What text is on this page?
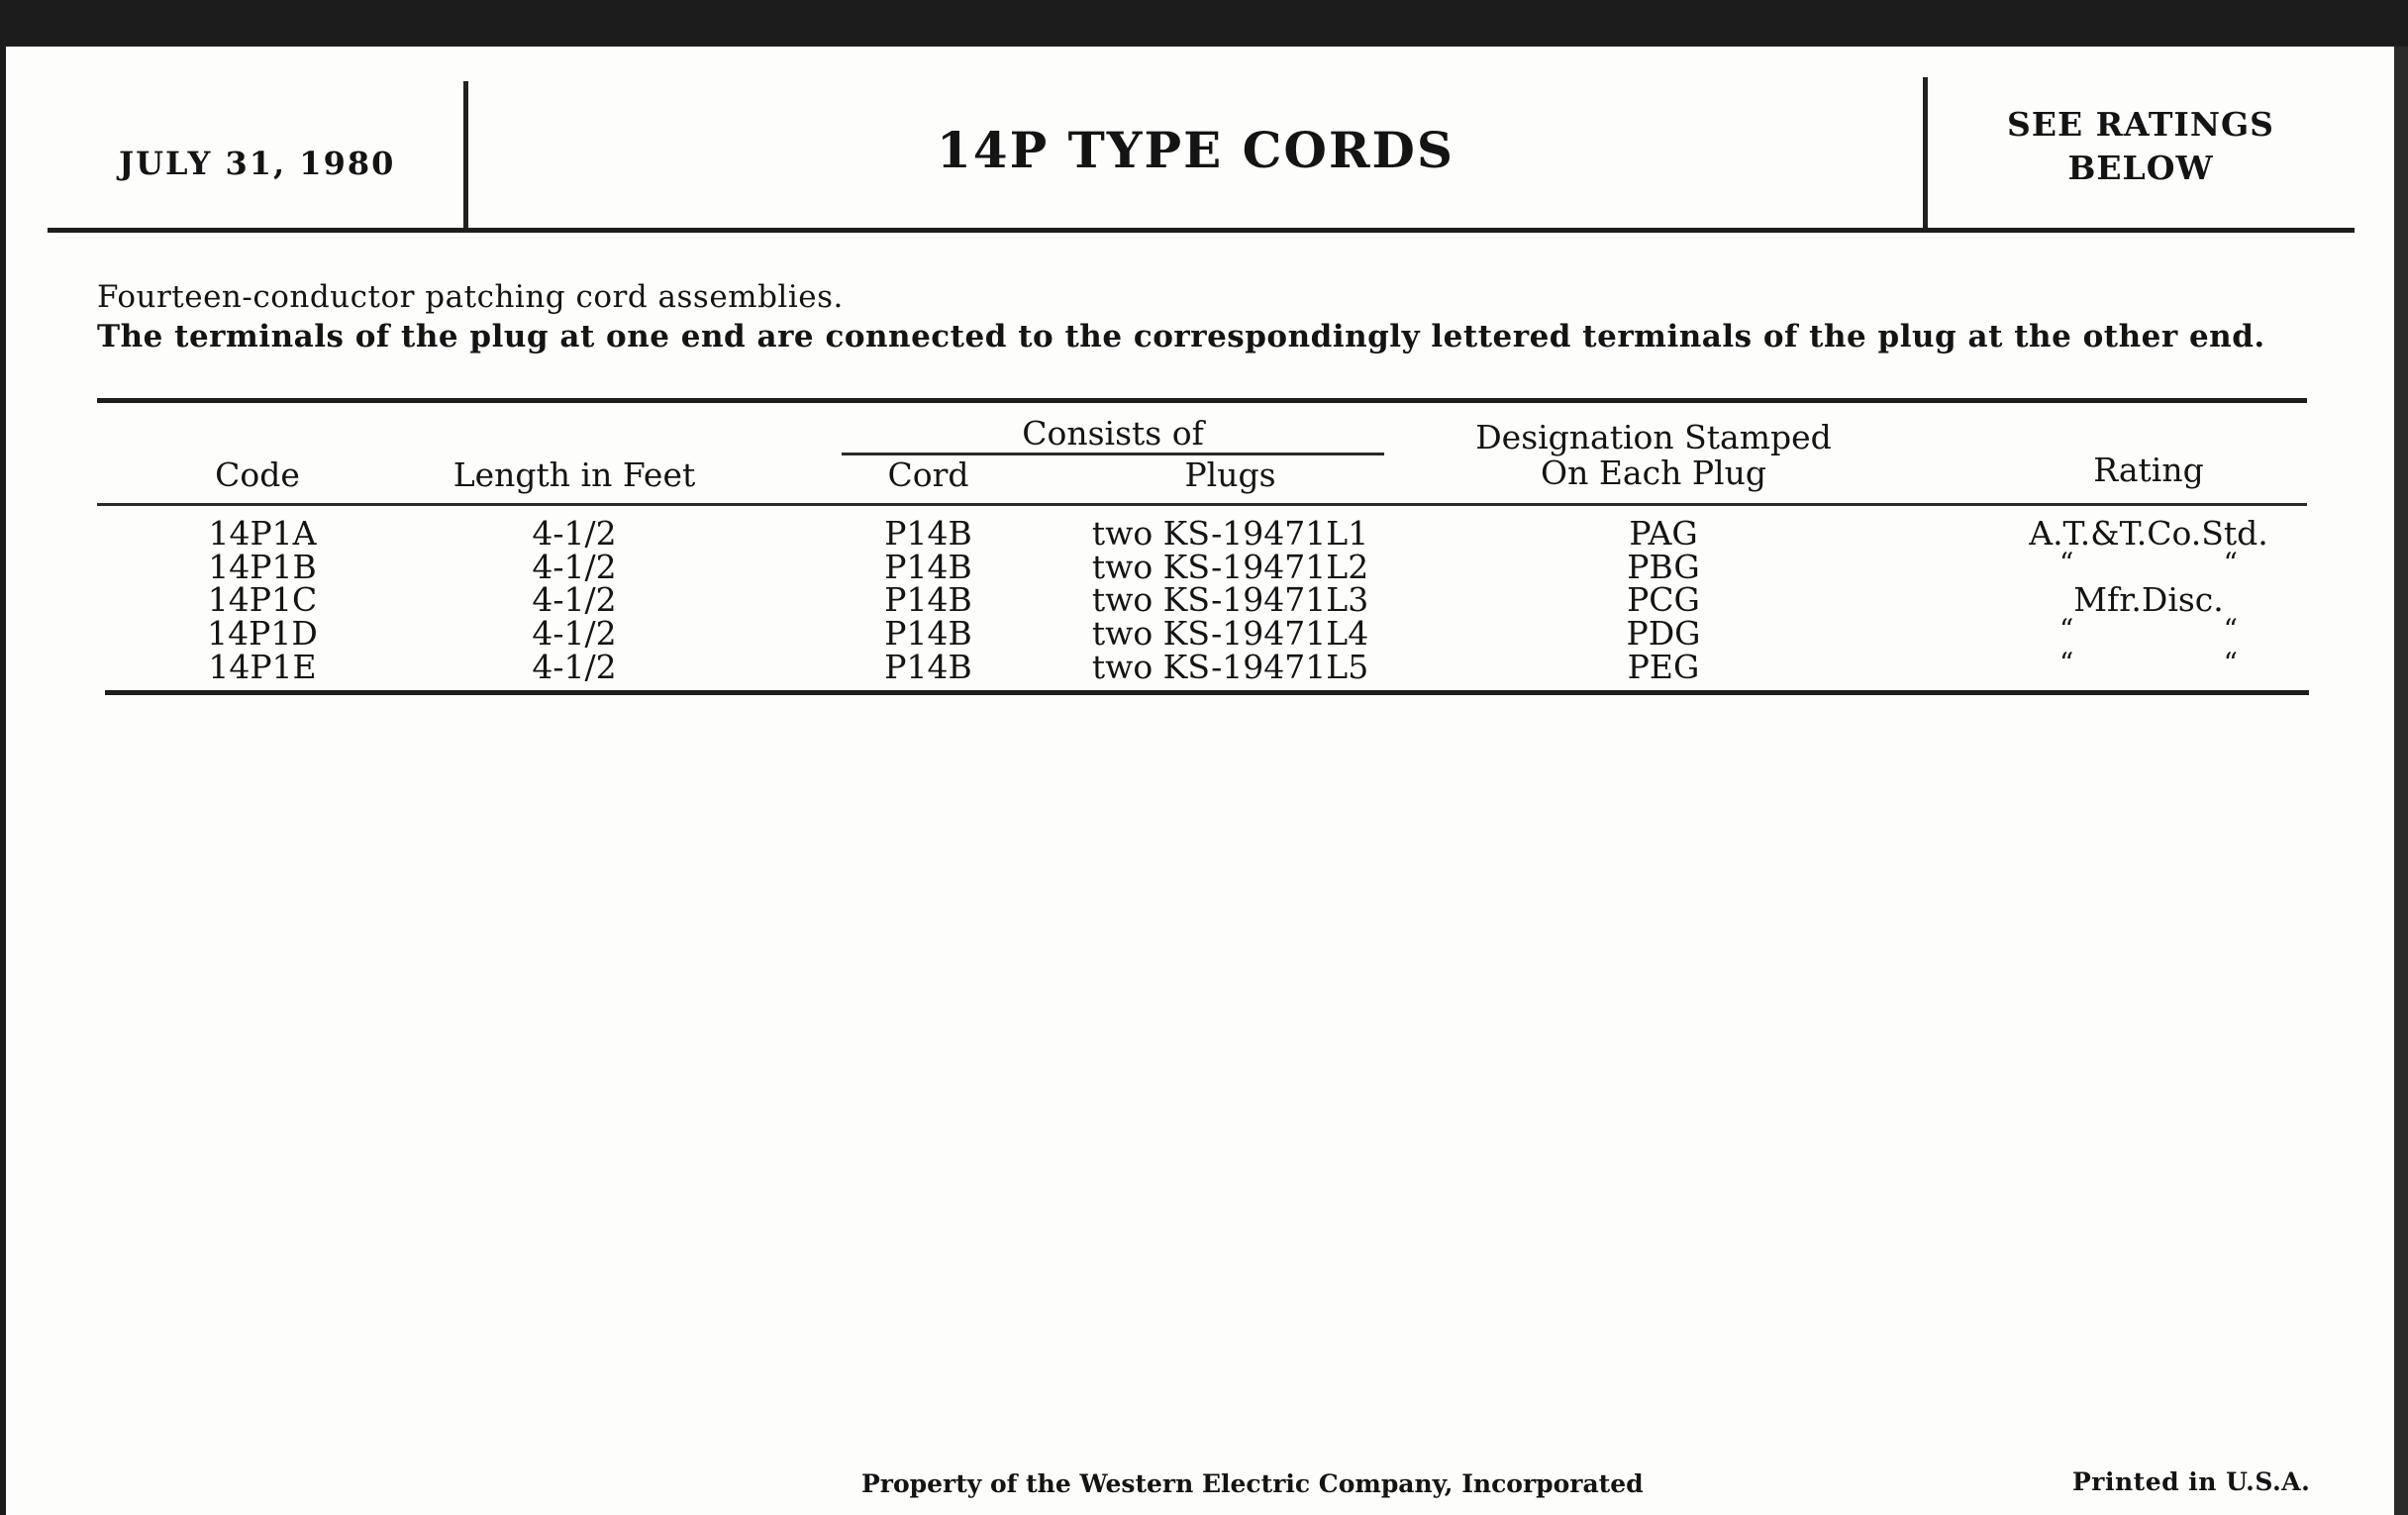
JULY 31, 1980	14P TYPE CORDS	SEE RATINGS
BELOW
Fourteen-conductor patching cord assemblies.
The terminals of the plug at one end are connected to the correspondingly lettered terminals of the plug at the other end.
Code	Length in Feet
Consists of
Cord	Plugs
Designation Stamped
On Each Plug	Rating
14P1A	4-1/2	P14B	two KS-19471L1	PAG	A.T.&T.Co.Std.
14P1B	4-1/2	P14B	two KS-19471L2	PBG	“	“
14P1C	4-1/2	P14B	two KS-19471L3	PCG	Mfr.Disc.
14P1D	4-1/2	P14B	two KS-19471L4	PDG	“	“
14P1E	4-1/2	P14B	two KS-19471L5	PEG	“	“
Property of the Western Electric Company, Incorporated	Printed in U.S.A.
